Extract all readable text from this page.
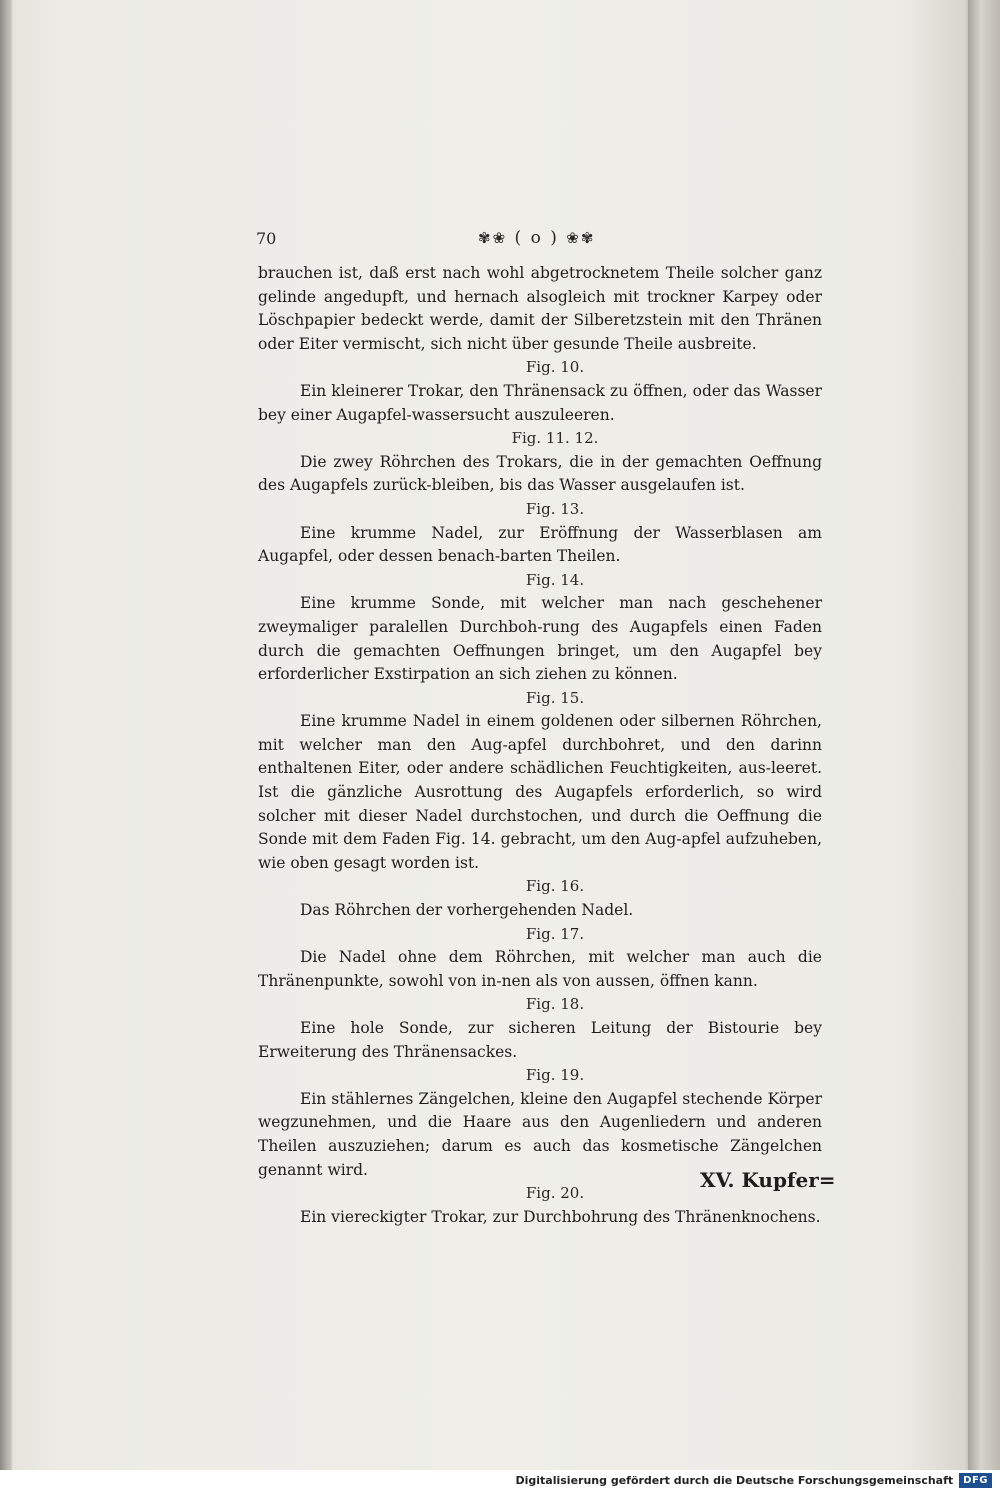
70	✾❀ ( o ) ❀✾

brauchen ist, daß erst nach wohl abgetrocknetem Theile solcher ganz gelinde angedupft, und hernach alsogleich mit trockner Karpey oder Löschpapier bedeckt werde, damit der Silberetzstein mit den Thränen oder Eiter vermischt, sich nicht über gesunde Theile ausbreite.

Fig. 10.

Ein kleinerer Trokar, den Thränensack zu öffnen, oder das Wasser bey einer Augapfel-wassersucht auszuleeren.

Fig. 11. 12.

Die zwey Röhrchen des Trokars, die in der gemachten Oeffnung des Augapfels zurück-bleiben, bis das Wasser ausgelaufen ist.

Fig. 13.

Eine krumme Nadel, zur Eröffnung der Wasserblasen am Augapfel, oder dessen benach-barten Theilen.

Fig. 14.

Eine krumme Sonde, mit welcher man nach geschehener zweymaliger paralellen Durchboh-rung des Augapfels einen Faden durch die gemachten Oeffnungen bringet, um den Augapfel bey erforderlicher Exstirpation an sich ziehen zu können.

Fig. 15.

Eine krumme Nadel in einem goldenen oder silbernen Röhrchen, mit welcher man den Aug-apfel durchbohret, und den darinn enthaltenen Eiter, oder andere schädlichen Feuchtigkeiten, aus-leeret. Ist die gänzliche Ausrottung des Augapfels erforderlich, so wird solcher mit dieser Nadel durchstochen, und durch die Oeffnung die Sonde mit dem Faden Fig. 14. gebracht, um den Aug-apfel aufzuheben, wie oben gesagt worden ist.

Fig. 16.

Das Röhrchen der vorhergehenden Nadel.

Fig. 17.

Die Nadel ohne dem Röhrchen, mit welcher man auch die Thränenpunkte, sowohl von in-nen als von aussen, öffnen kann.

Fig. 18.

Eine hole Sonde, zur sicheren Leitung der Bistourie bey Erweiterung des Thränensackes.

Fig. 19.

Ein stählernes Zängelchen, kleine den Augapfel stechende Körper wegzunehmen, und die Haare aus den Augenliedern und anderen Theilen auszuziehen; darum es auch das kosmetische Zängelchen genannt wird.

Fig. 20.

Ein viereckigter Trokar, zur Durchbohrung des Thränenknochens.

XV. Kupfer=
Digitalisierung gefördert durch die Deutsche Forschungsgemeinschaft	DFG
